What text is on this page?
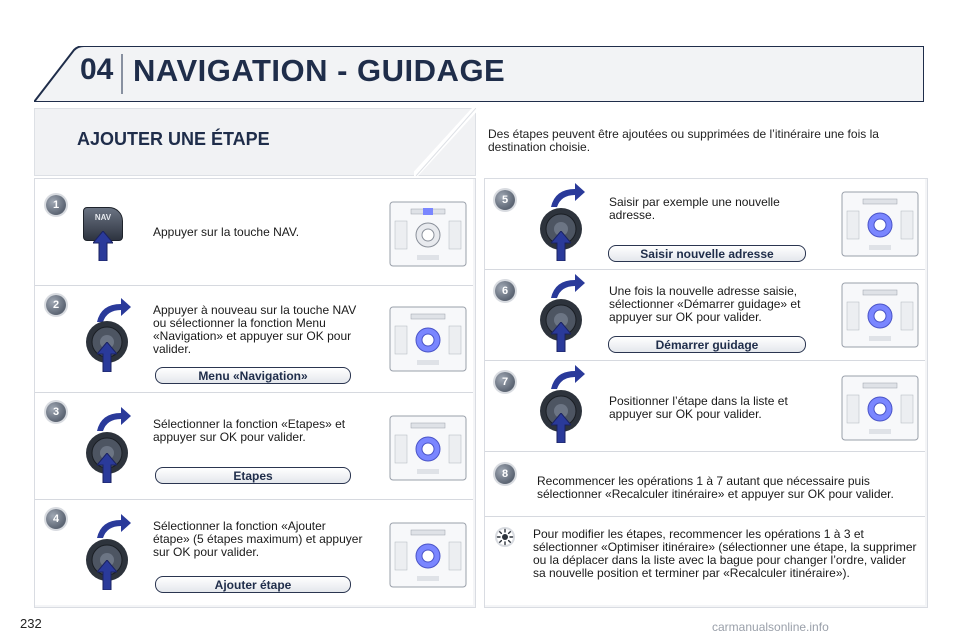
04 NAVIGATION - GUIDAGE
AJOUTER UNE ÉTAPE	Des étapes peuvent être ajoutées ou supprimées de l’itinéraire une fois la destination choisie.
1
NAV
Appuyer sur la touche NAV.
2	Appuyer à nouveau sur la touche NAV ou sélectionner la fonction Menu «Navigation» et appuyer sur OK pour valider.
Menu «Navigation»
3
Sélectionner la fonction «Etapes» et appuyer sur OK pour valider.
Etapes
4	Sélectionner la fonction «Ajouter étape» (5 étapes maximum) et appuyer sur OK pour valider.
Ajouter étape
5	Saisir par exemple une nouvelle adresse.
Saisir nouvelle adresse
6	Une fois la nouvelle adresse saisie, sélectionner «Démarrer guidage» et appuyer sur OK pour valider.
Démarrer guidage
7
Positionner l’étape dans la liste et appuyer sur OK pour valider.
8	Recommencer les opérations 1 à 7 autant que nécessaire puis sélectionner «Recalculer itinéraire» et appuyer sur OK pour valider.
Pour modifier les étapes, recommencer les opérations 1 à 3 et sélectionner «Optimiser itinéraire» (sélectionner une étape, la supprimer ou la déplacer dans la liste avec la bague pour changer l’ordre, valider sa nouvelle position et terminer par «Recalculer itinéraire»).
232	carmanualsonline.info
